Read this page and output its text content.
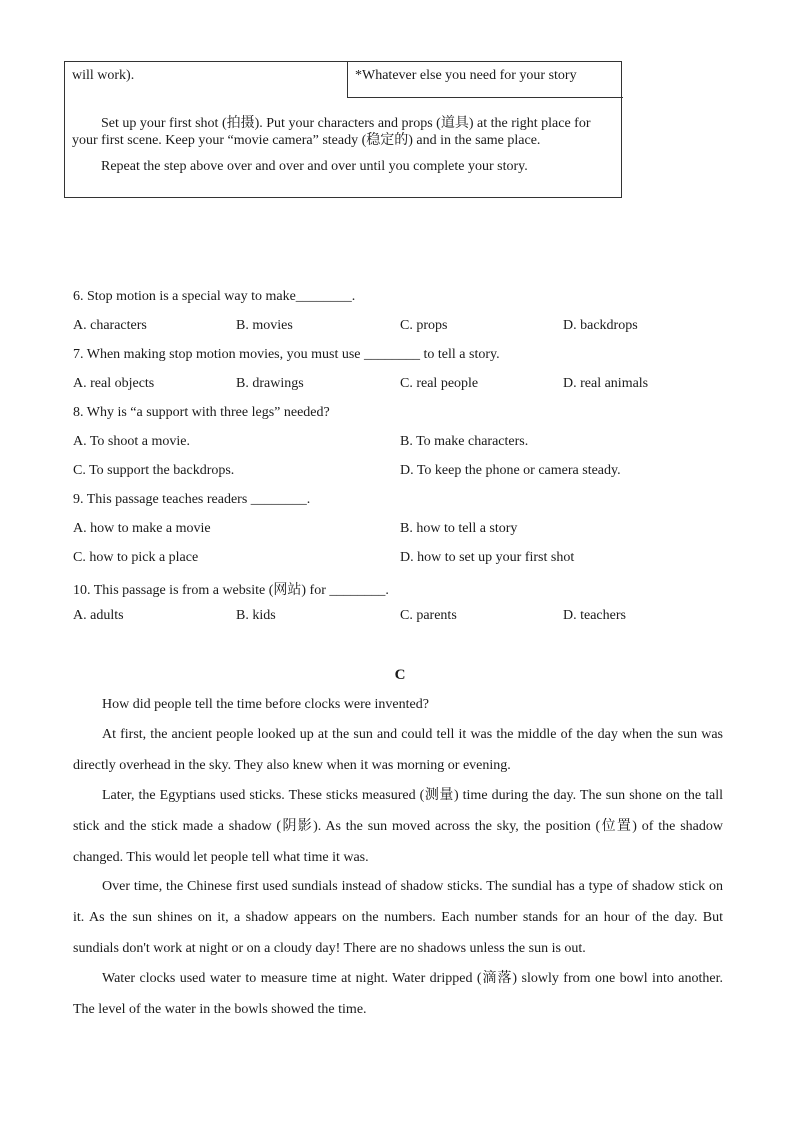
will work).	*Whatever else you need for your story
Set up your first shot (拍摄). Put your characters and props (道具) at the right place for your first scene. Keep your “movie camera” steady (稳定的) and in the same place.
Repeat the step above over and over and over until you complete your story.
6. Stop motion is a special way to make________.
A. characters	B. movies	C. props	D. backdrops
7. When making stop motion movies, you must use ________ to tell a story.
A. real objects	B. drawings	C. real people	D. real animals
8. Why is “a support with three legs” needed?
A. To shoot a movie.	B. To make characters.
C. To support the backdrops.	D. To keep the phone or camera steady.
9. This passage teaches readers ________.
A. how to make a movie	B. how to tell a story
C. how to pick a place	D. how to set up your first shot
10. This passage is from a website (网站) for ________.
A. adults	B. kids	C. parents	D. teachers
C
How did people tell the time before clocks were invented?
At first, the ancient people looked up at the sun and could tell it was the middle of the day when the sun was directly overhead in the sky. They also knew when it was morning or evening.
Later, the Egyptians used sticks. These sticks measured (测量) time during the day. The sun shone on the tall stick and the stick made a shadow (阴影). As the sun moved across the sky, the position (位置) of the shadow changed. This would let people tell what time it was.
Over time, the Chinese first used sundials instead of shadow sticks. The sundial has a type of shadow stick on it. As the sun shines on it, a shadow appears on the numbers. Each number stands for an hour of the day. But sundials don't work at night or on a cloudy day! There are no shadows unless the sun is out.
Water clocks used water to measure time at night. Water dripped (滴落) slowly from one bowl into another. The level of the water in the bowls showed the time.
